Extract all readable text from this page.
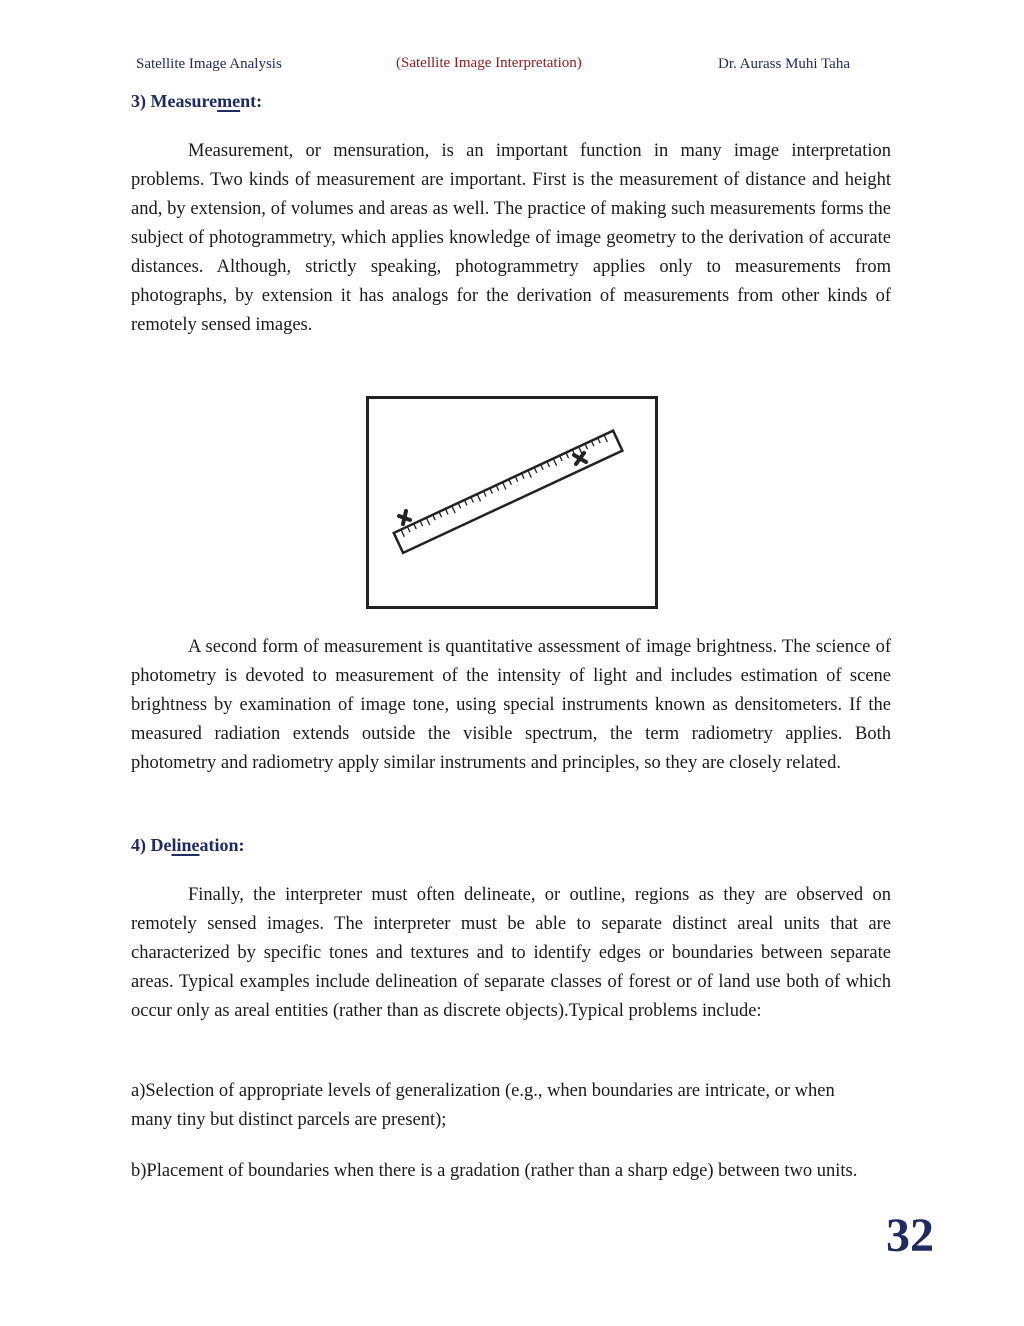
Satellite Image Analysis	(Satellite Image Interpretation)	Dr. Aurass Muhi Taha
3) Measurement:

Measurement, or mensuration, is an important function in many image interpretation problems. Two kinds of measurement are important. First is the measurement of distance and height and, by extension, of volumes and areas as well. The practice of making such measurements forms the subject of photogrammetry, which applies knowledge of image geometry to the derivation of accurate distances. Although, strictly speaking, photogrammetry applies only to measurements from photographs, by extension it has analogs for the derivation of measurements from other kinds of remotely sensed images.

A second form of measurement is quantitative assessment of image brightness. The science of photometry is devoted to measurement of the intensity of light and includes estimation of scene brightness by examination of image tone, using special instruments known as densitometers. If the measured radiation extends outside the visible spectrum, the term radiometry applies. Both photometry and radiometry apply similar instruments and principles, so they are closely related.

4) Delineation:

Finally, the interpreter must often delineate, or outline, regions as they are observed on remotely sensed images. The interpreter must be able to separate distinct areal units that are characterized by specific tones and textures and to identify edges or boundaries between separate areas. Typical examples include delineation of separate classes of forest or of land use both of which occur only as areal entities (rather than as discrete objects).Typical problems include:

a)Selection of appropriate levels of generalization (e.g., when boundaries are intricate, or when many tiny but distinct parcels are present);

b)Placement of boundaries when there is a gradation (rather than a sharp edge) between two units.

32
